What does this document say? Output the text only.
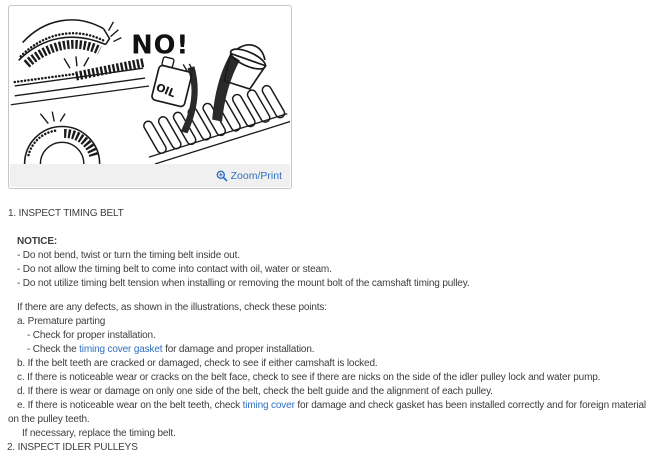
OIL
NO!
Zoom/Print
1. INSPECT TIMING BELT
NOTICE:
- Do not bend, twist or turn the timing belt inside out.
- Do not allow the timing belt to come into contact with oil, water or steam.
- Do not utilize timing belt tension when installing or removing the mount bolt of the camshaft timing pulley.
If there are any defects, as shown in the illustrations, check these points:
a. Premature parting
- Check for proper installation.
- Check the timing cover gasket for damage and proper installation.
b. If the belt teeth are cracked or damaged, check to see if either camshaft is locked.
c. If there is noticeable wear or cracks on the belt face, check to see if there are nicks on the side of the idler pulley lock and water pump.
d. If there is wear or damage on only one side of the belt, check the belt guide and the alignment of each pulley.
e. If there is noticeable wear on the belt teeth, check timing cover for damage and check gasket has been installed correctly and for foreign material on the pulley teeth.
If necessary, replace the timing belt.
2. INSPECT IDLER PULLEYS
